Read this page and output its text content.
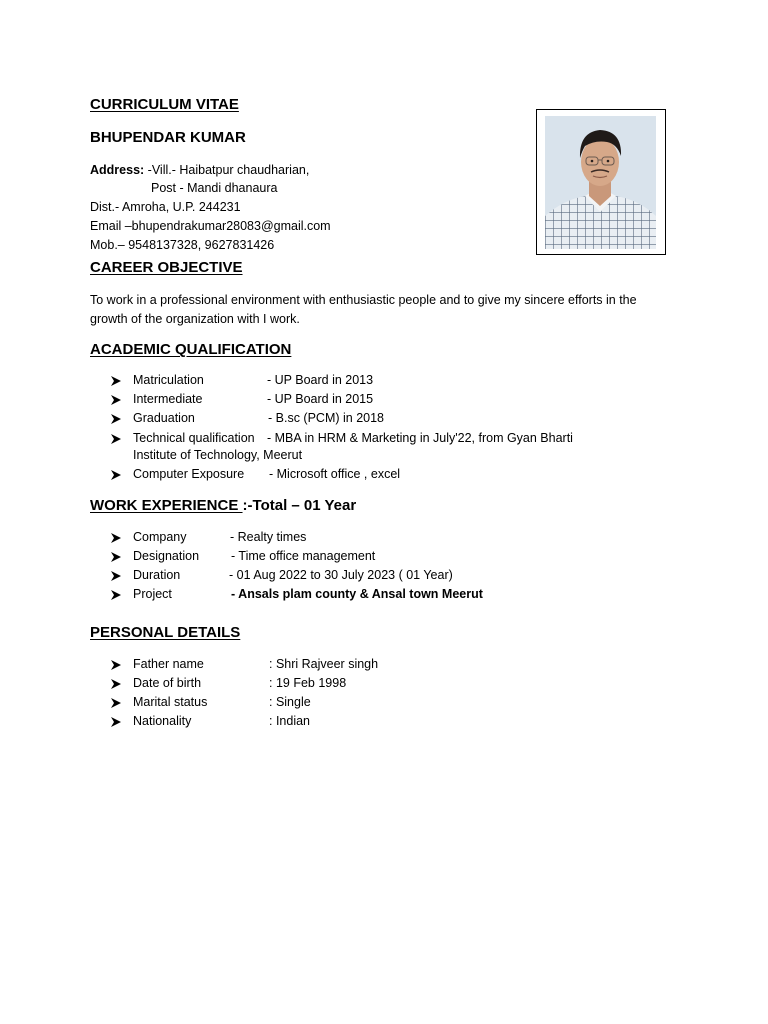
CURRICULUM VITAE
BHUPENDAR KUMAR
Address: -Vill.- Haibatpur chaudharian,
Post - Mandi dhanaura
Dist.- Amroha, U.P. 244231
Email –bhupendrakumar28083@gmail.com
Mob.– 9548137328, 9627831426
CAREER OBJECTIVE
To work in a professional environment with enthusiastic people and to give my sincere efforts in the growth of the organization with I work.
ACADEMIC QUALIFICATION
Matriculation	- UP Board in 2013
Intermediate	- UP Board in 2015
Graduation	- B.sc (PCM) in 2018
Technical qualification - MBA in HRM & Marketing in July'22, from Gyan Bharti
Institute of Technology, Meerut
Computer Exposure - Microsoft office , excel
WORK EXPERIENCE :-Total – 01 Year
Company	- Realty times
Designation	- Time office management
Duration	- 01 Aug 2022 to 30 July 2023 ( 01 Year)
Project	- Ansals plam county & Ansal town Meerut
PERSONAL DETAILS
Father name	: Shri Rajveer singh
Date of birth	: 19 Feb 1998
Marital status	: Single
Nationality	: Indian
